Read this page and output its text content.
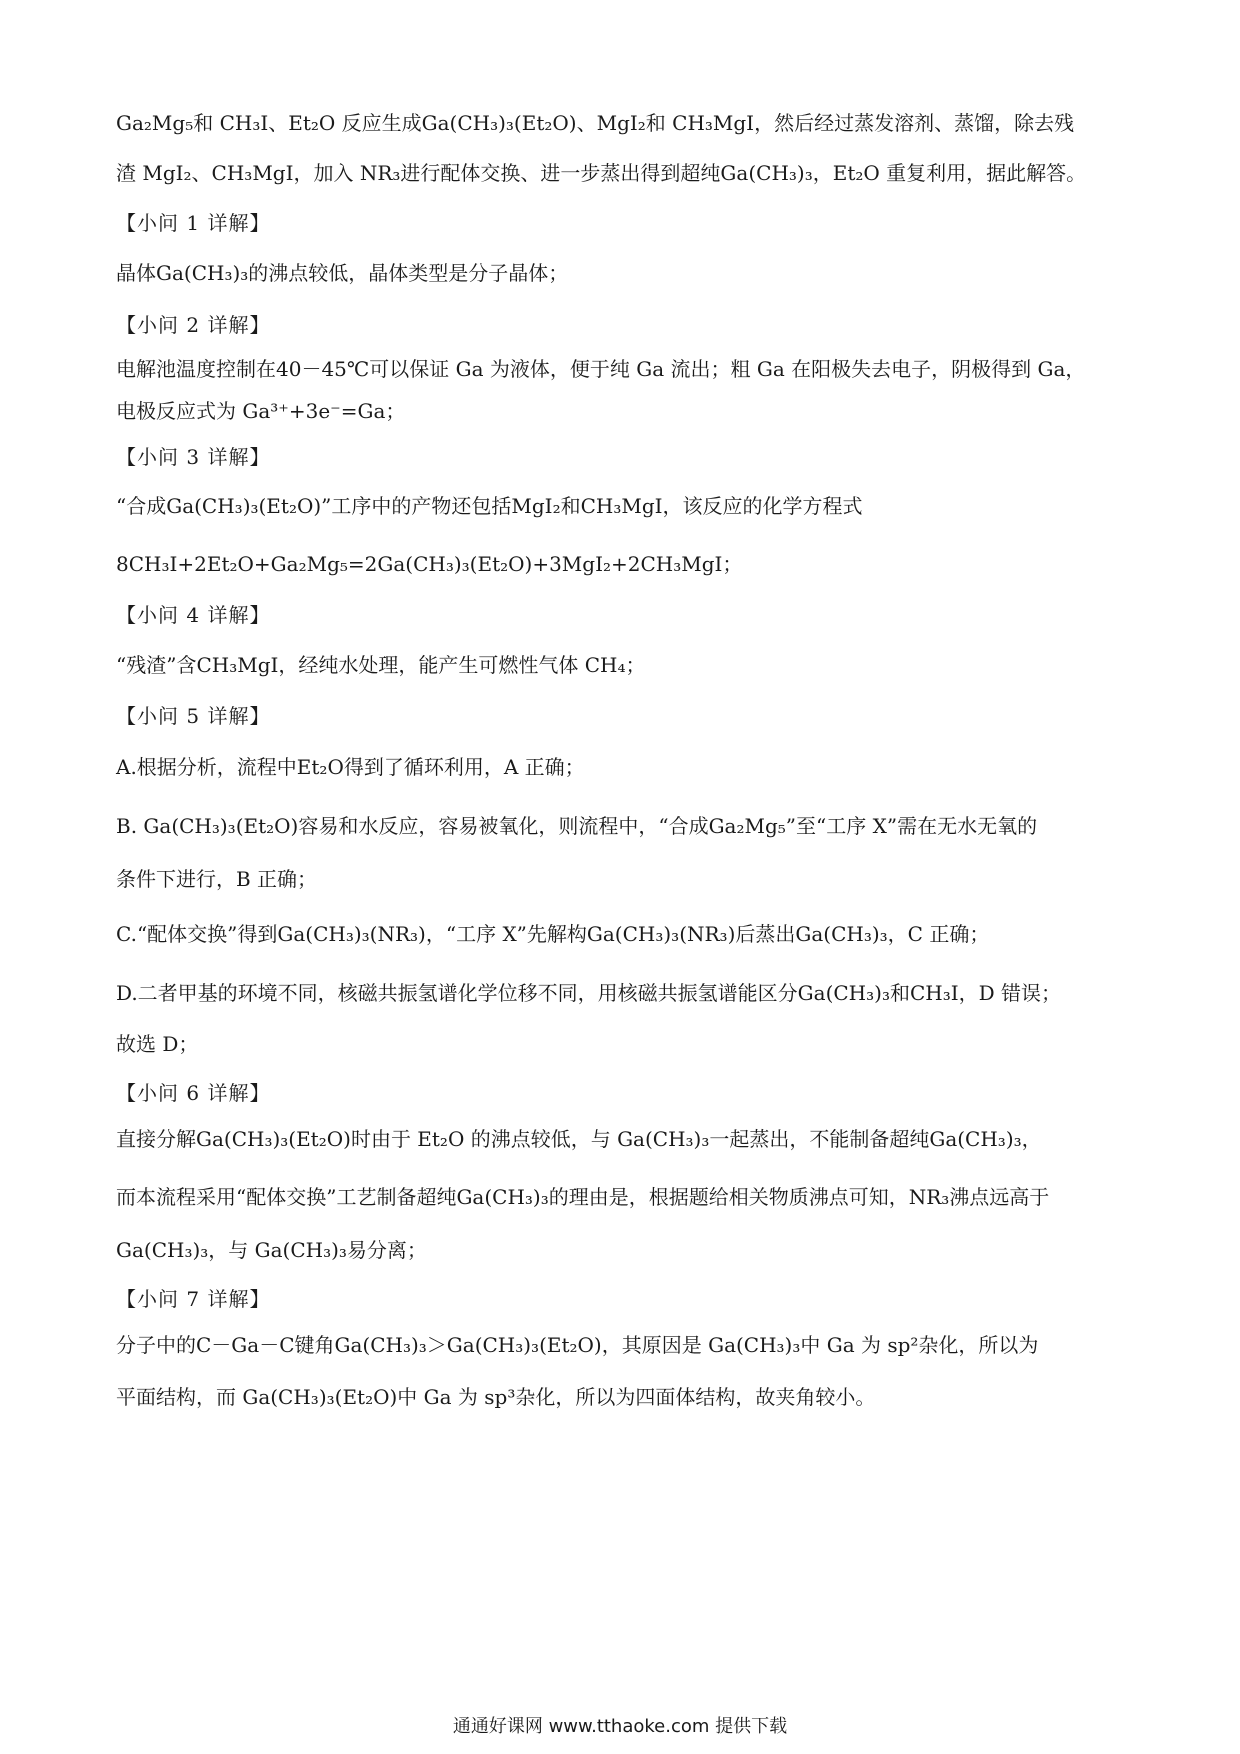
Ga₂Mg₅和 CH₃I、Et₂O 反应生成Ga(CH₃)₃(Et₂O)、MgI₂和 CH₃MgI，然后经过蒸发溶剂、蒸馏，除去残
渣 MgI₂、CH₃MgI，加入 NR₃进行配体交换、进一步蒸出得到超纯Ga(CH₃)₃，Et₂O 重复利用，据此解答。
【小问 1 详解】
晶体Ga(CH₃)₃的沸点较低，晶体类型是分子晶体；
【小问 2 详解】
电解池温度控制在40－45℃可以保证 Ga 为液体，便于纯 Ga 流出；粗 Ga 在阳极失去电子，阴极得到 Ga，
电极反应式为 Ga³⁺+3e⁻=Ga；
【小问 3 详解】
“合成Ga(CH₃)₃(Et₂O)”工序中的产物还包括MgI₂和CH₃MgI，该反应的化学方程式
8CH₃I+2Et₂O+Ga₂Mg₅=2Ga(CH₃)₃(Et₂O)+3MgI₂+2CH₃MgI；
【小问 4 详解】
“残渣”含CH₃MgI，经纯水处理，能产生可燃性气体 CH₄；
【小问 5 详解】
A.根据分析，流程中Et₂O得到了循环利用，A 正确；
B. Ga(CH₃)₃(Et₂O)容易和水反应，容易被氧化，则流程中，“合成Ga₂Mg₅”至“工序 X”需在无水无氧的
条件下进行，B 正确；
C.“配体交换”得到Ga(CH₃)₃(NR₃)，“工序 X”先解构Ga(CH₃)₃(NR₃)后蒸出Ga(CH₃)₃，C 正确；
D.二者甲基的环境不同，核磁共振氢谱化学位移不同，用核磁共振氢谱能区分Ga(CH₃)₃和CH₃I，D 错误；
故选 D；
【小问 6 详解】
直接分解Ga(CH₃)₃(Et₂O)时由于 Et₂O 的沸点较低，与 Ga(CH₃)₃一起蒸出，不能制备超纯Ga(CH₃)₃，
而本流程采用“配体交换”工艺制备超纯Ga(CH₃)₃的理由是，根据题给相关物质沸点可知，NR₃沸点远高于
Ga(CH₃)₃，与 Ga(CH₃)₃易分离；
【小问 7 详解】
分子中的C－Ga－C键角Ga(CH₃)₃＞Ga(CH₃)₃(Et₂O)，其原因是 Ga(CH₃)₃中 Ga 为 sp²杂化，所以为
平面结构，而 Ga(CH₃)₃(Et₂O)中 Ga 为 sp³杂化，所以为四面体结构，故夹角较小。
通通好课网 www.tthaoke.com 提供下载
